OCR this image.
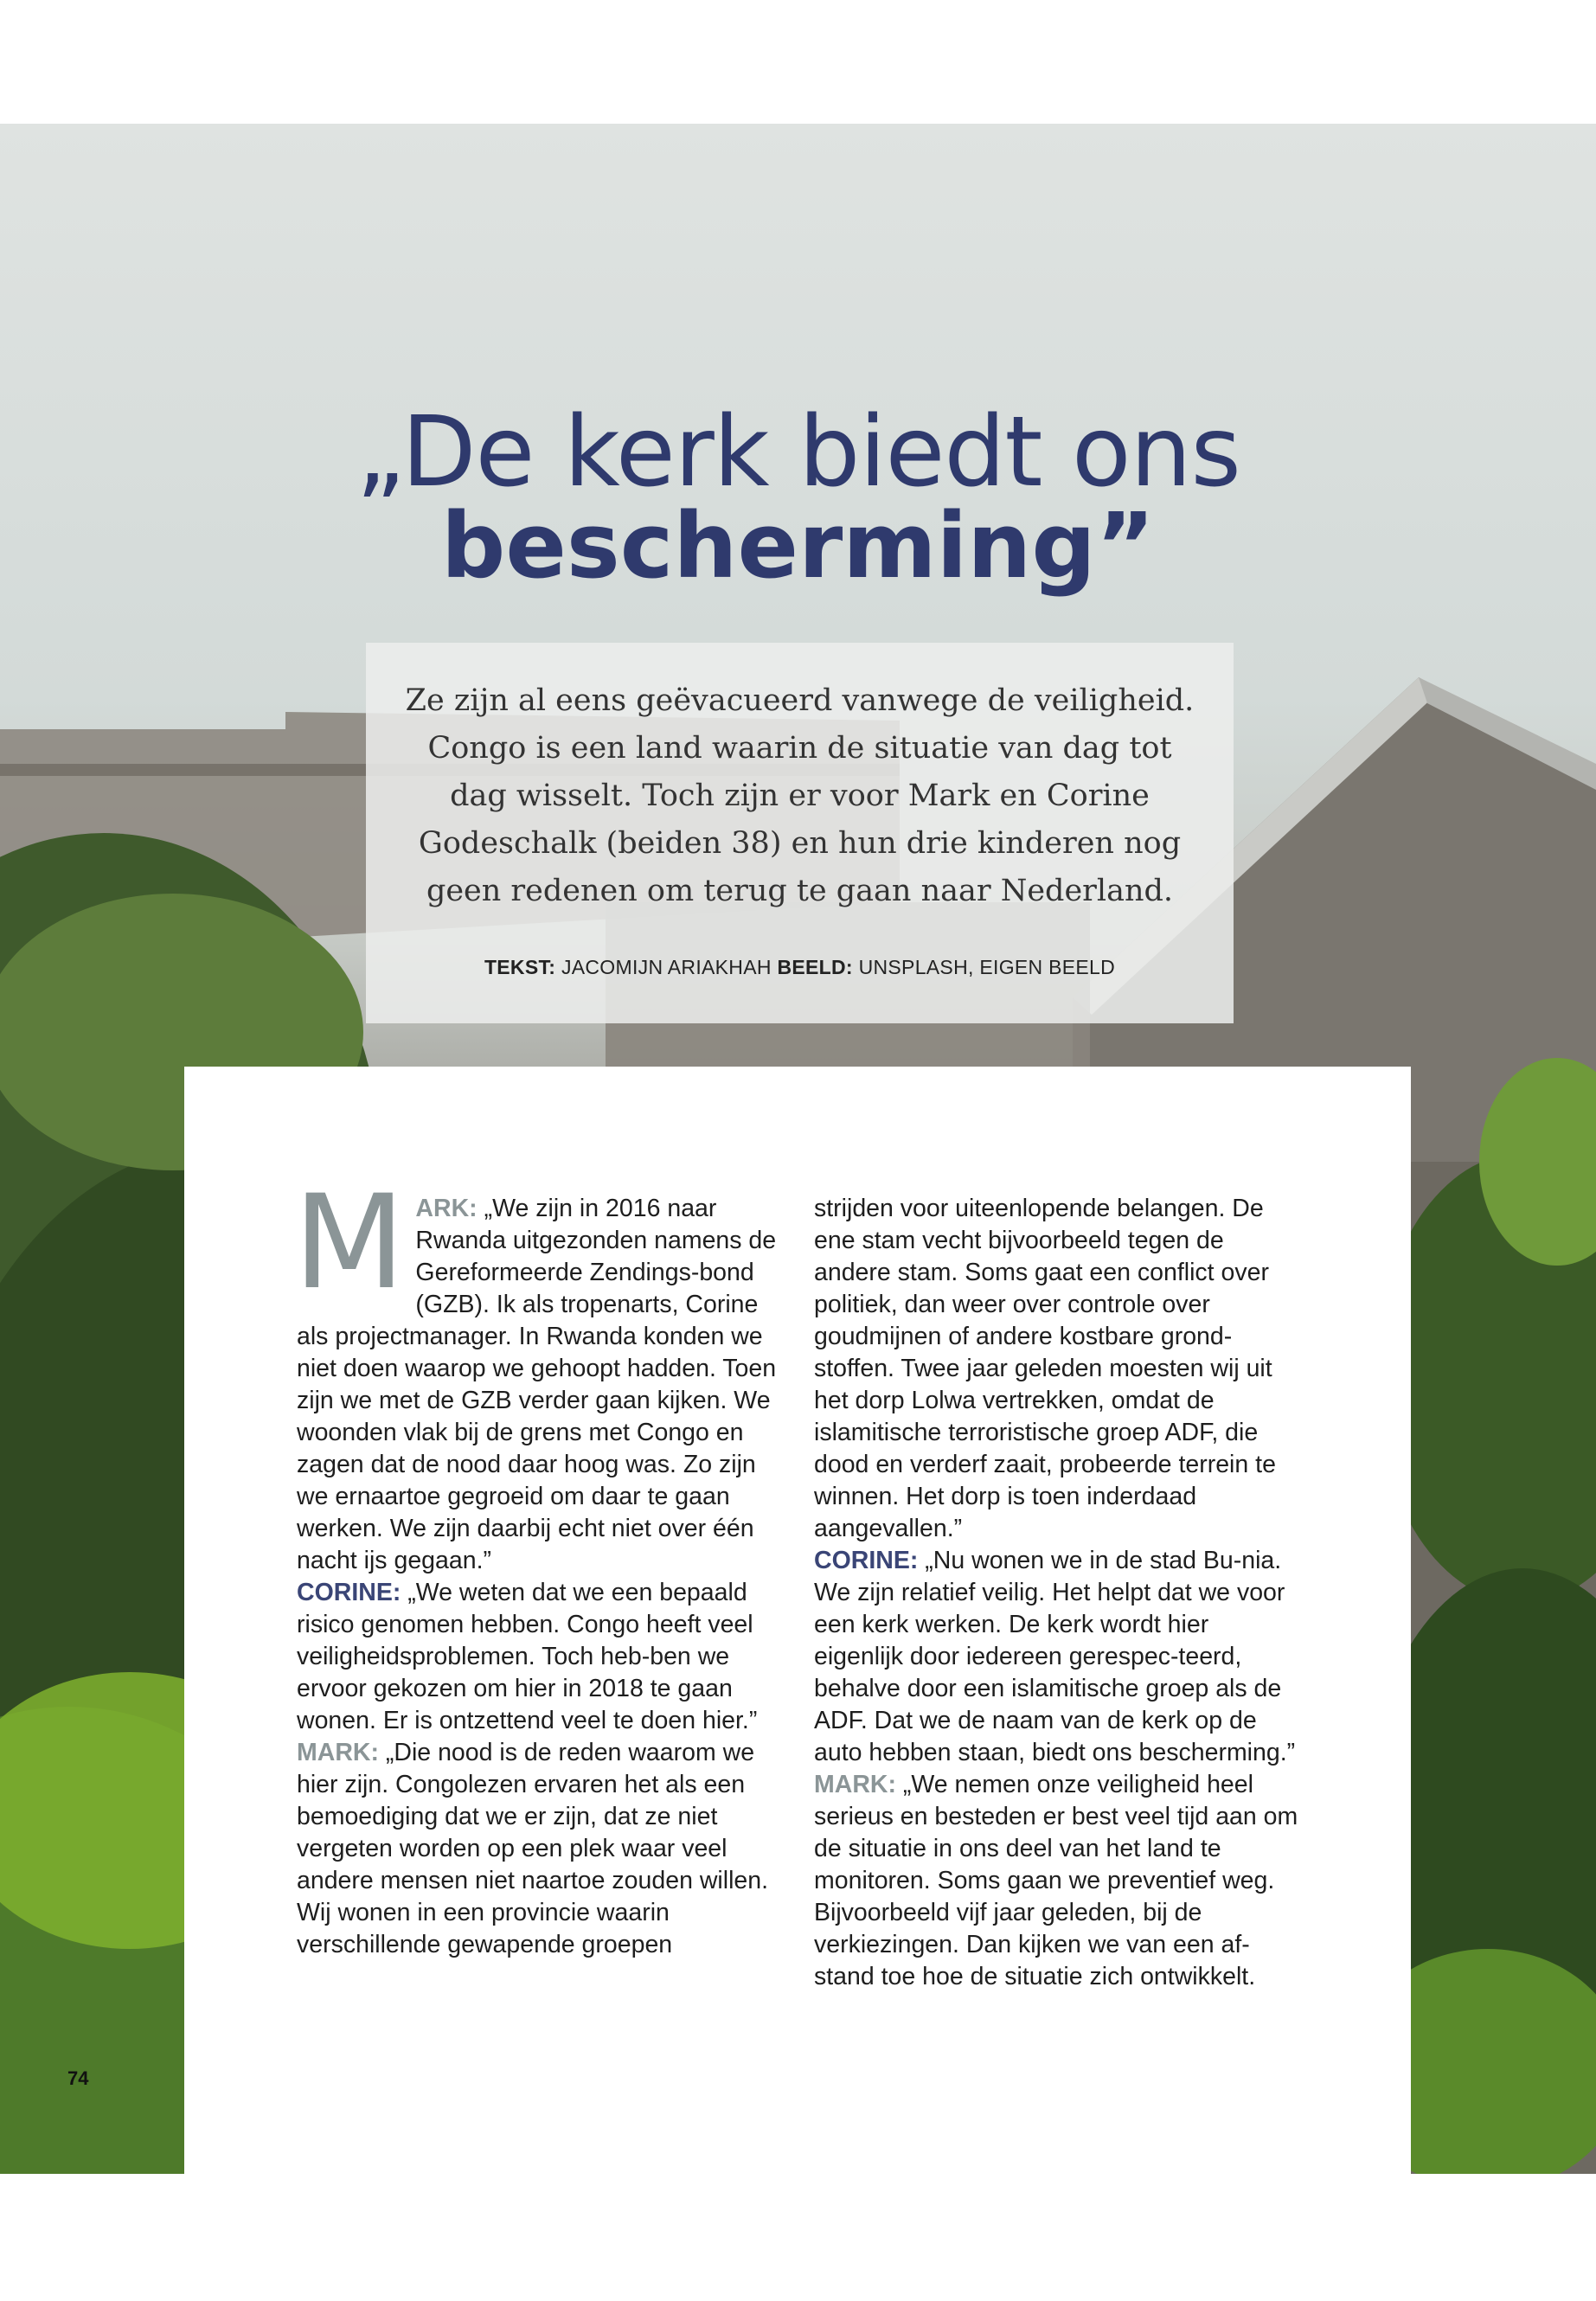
„De kerk biedt ons
bescherming”

Ze zijn al eens geëvacueerd vanwege de veiligheid. Congo is een land waarin de situatie van dag tot dag wisselt. Toch zijn er voor Mark en Corine Godeschalk (beiden 38) en hun drie kinderen nog geen redenen om terug te gaan naar Nederland.

TEKST: JACOMIJN ARIAKHAH BEELD: UNSPLASH, EIGEN BEELD

MARK: „We zijn in 2016 naar Rwanda uitgezonden namens de Gereformeerde Zendings-bond (GZB). Ik als tropenarts, Corine als projectmanager. In Rwanda konden we niet doen waarop we gehoopt hadden. Toen zijn we met de GZB verder gaan kijken. We woonden vlak bij de grens met Congo en zagen dat de nood daar hoog was. Zo zijn we ernaartoe gegroeid om daar te gaan werken. We zijn daarbij echt niet over één nacht ijs gegaan.”

CORINE: „We weten dat we een bepaald risico genomen hebben. Congo heeft veel veiligheidsproblemen. Toch heb-ben we ervoor gekozen om hier in 2018 te gaan wonen. Er is ontzettend veel te doen hier.”

MARK: „Die nood is de reden waarom we hier zijn. Congolezen ervaren het als een bemoediging dat we er zijn, dat ze niet vergeten worden op een plek waar veel andere mensen niet naartoe zouden willen.

Wij wonen in een provincie waarin verschillende gewapende groepen

strijden voor uiteenlopende belangen. De ene stam vecht bijvoorbeeld tegen de andere stam. Soms gaat een conflict over politiek, dan weer over controle over goudmijnen of andere kostbare grond-stoffen. Twee jaar geleden moesten wij uit het dorp Lolwa vertrekken, omdat de islamitische terroristische groep ADF, die dood en verderf zaait, probeerde terrein te winnen. Het dorp is toen inderdaad aangevallen.”

CORINE: „Nu wonen we in de stad Bu-nia. We zijn relatief veilig. Het helpt dat we voor een kerk werken. De kerk wordt hier eigenlijk door iedereen gerespec-teerd, behalve door een islamitische groep als de ADF. Dat we de naam van de kerk op de auto hebben staan, biedt ons bescherming.”

MARK: „We nemen onze veiligheid heel serieus en besteden er best veel tijd aan om de situatie in ons deel van het land te monitoren. Soms gaan we preventief weg. Bijvoorbeeld vijf jaar geleden, bij de verkiezingen. Dan kijken we van een af-stand toe hoe de situatie zich ontwikkelt.

74
